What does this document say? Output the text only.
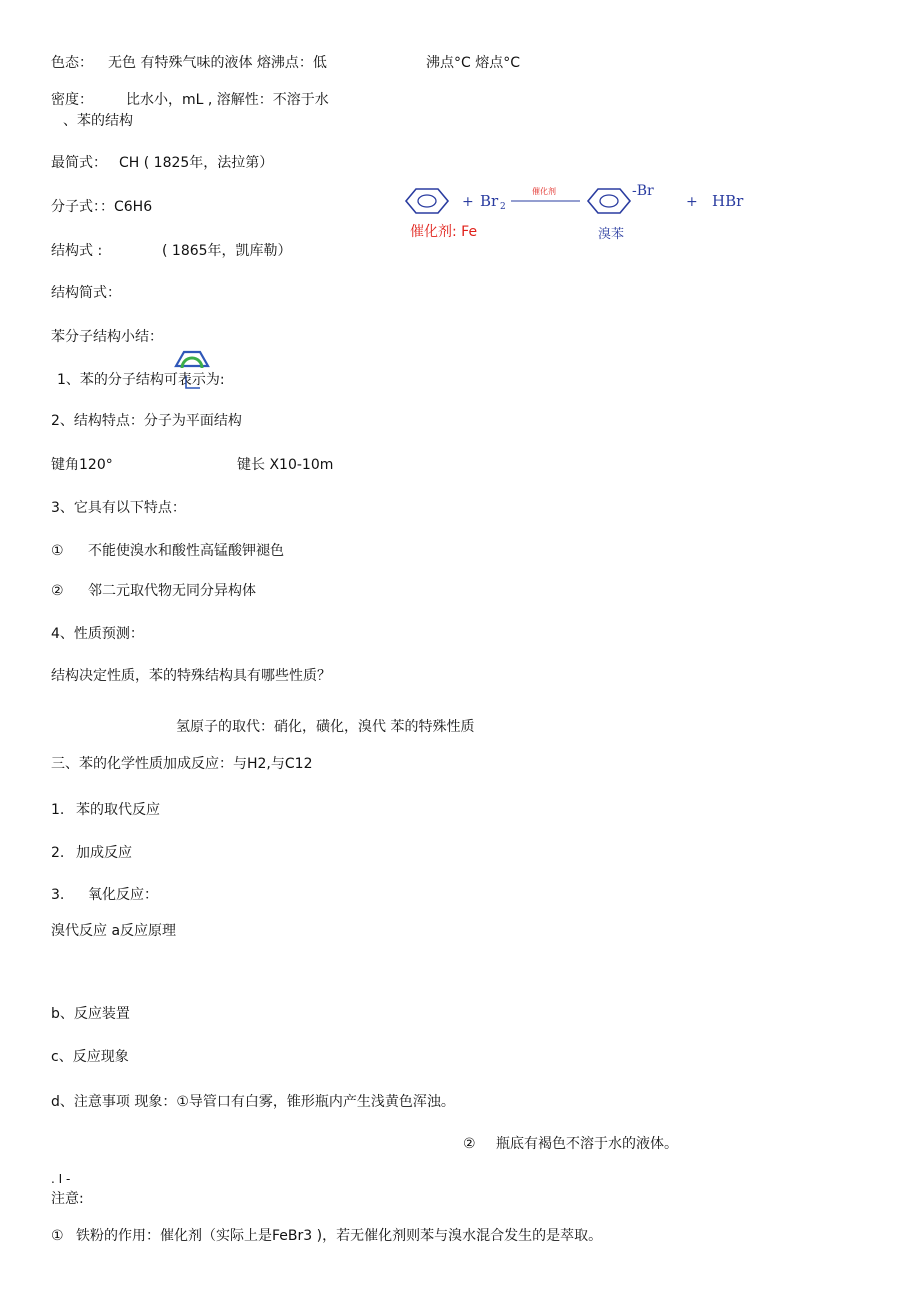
色态： 无色 有特殊气味的液体 熔沸点：低	沸点°C 熔点°C
密度： 比水小，mL , 溶解性：不溶于水
、苯的结构
最简式： CH ( 1825年，法拉第）
分子式：：C6H6
结构式 :	( 1865年，凯库勒）
结构简式：
苯分子结构小结：
1、苯的分子结构可表示为:
2、结构特点：分子为平面结构
键角120°	键长 X10-10m
3、它具有以下特点：
① 不能使溴水和酸性高锰酸钾褪色
② 邻二元取代物无同分异构体
4、性质预测：
结构决定性质，苯的特殊结构具有哪些性质？
氢原子的取代：硝化，磺化，溴代 苯的特殊性质
三、苯的化学性质加成反应：与H2,与C12
1. 苯的取代反应
2. 加成反应
3. 氧化反应：
溴代反应 a反应原理
b、反应装置
c、反应现象
d、注意事项 现象：①导管口有白雾，锥形瓶内产生浅黄色浑浊。
② 瓶底有褐色不溶于水的液体。
. I -
注意:
① 铁粉的作用：催化剂（实际上是FeBr3 )，若无催化剂则苯与溴水混合发生的是萃取。
+ Br 2
催化剂	-Br
+ HBr
催化剂: Fe	溴苯
